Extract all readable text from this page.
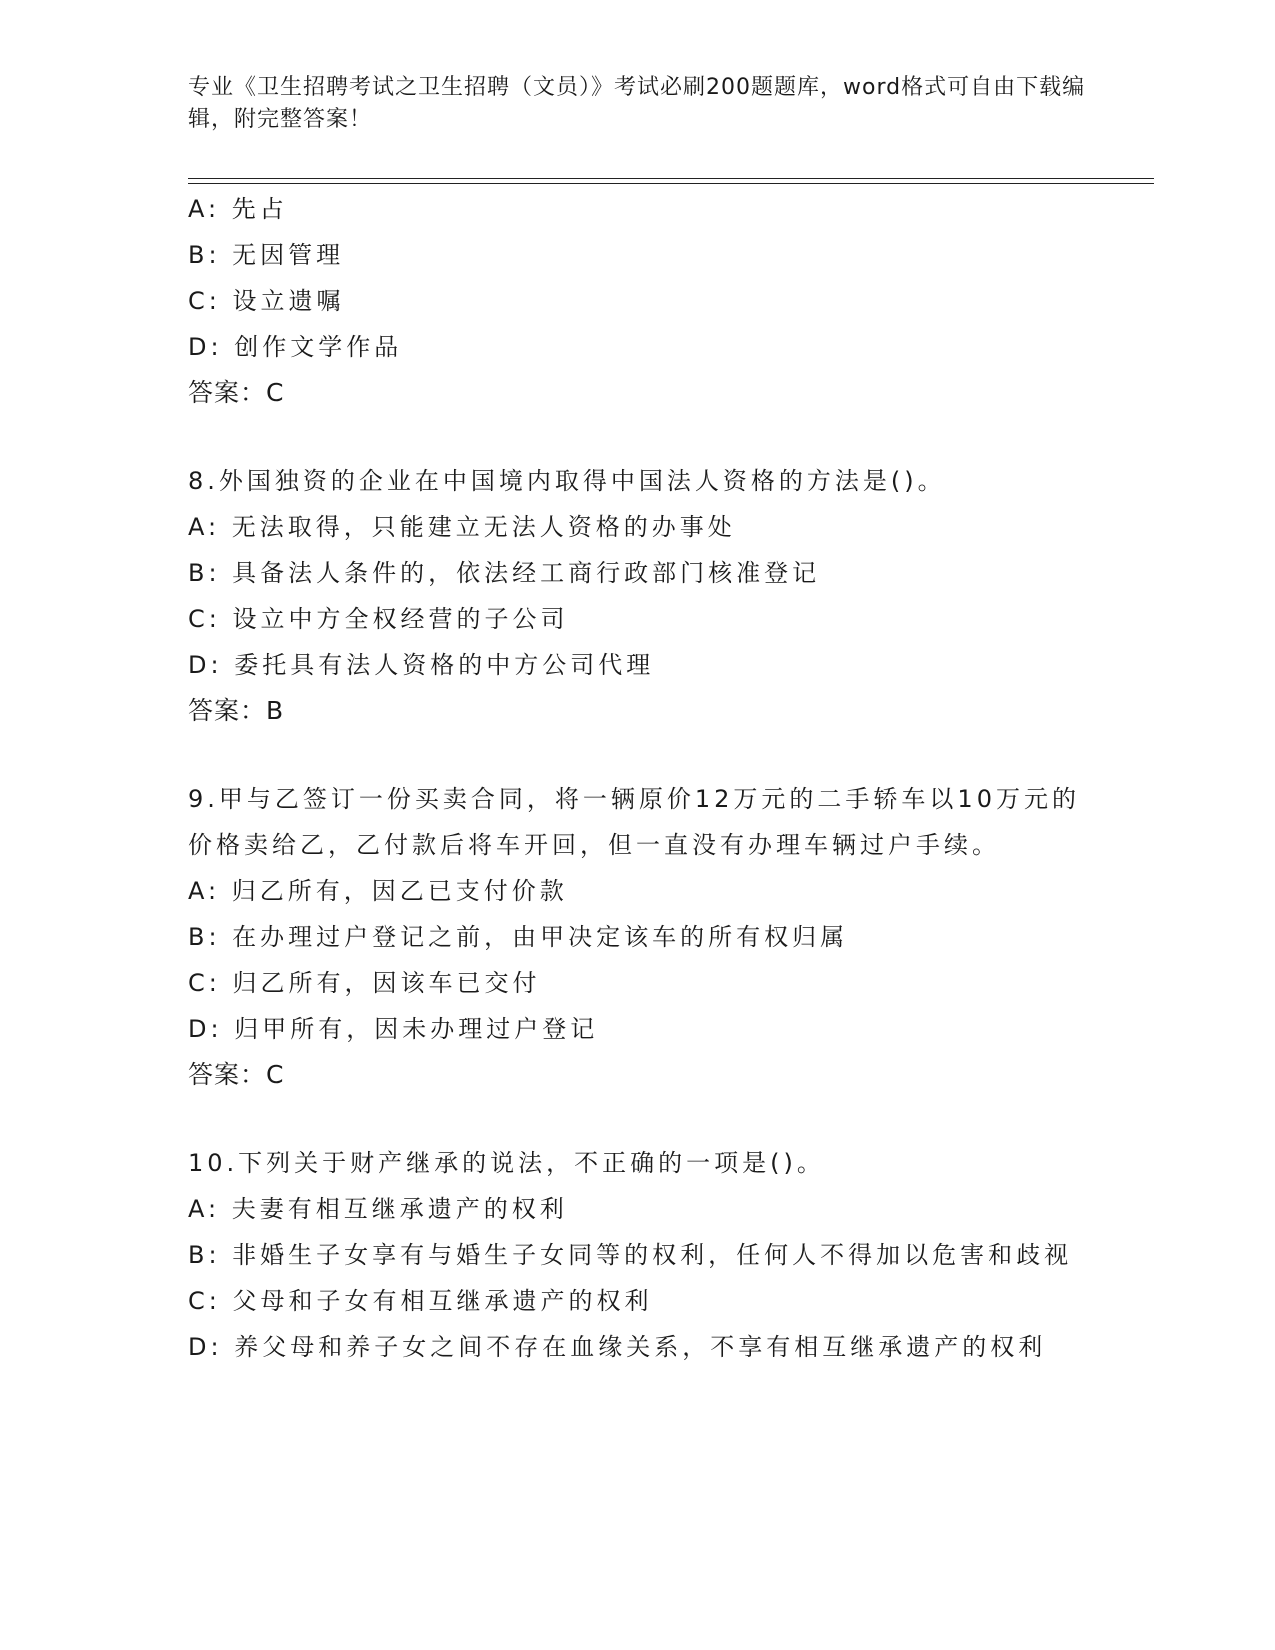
专业《卫生招聘考试之卫生招聘（文员）》考试必刷200题题库，word格式可自由下载编辑，附完整答案！
A: 先占
B: 无因管理
C: 设立遗嘱
D: 创作文学作品
答案：C
8.外国独资的企业在中国境内取得中国法人资格的方法是()。
A: 无法取得，只能建立无法人资格的办事处
B: 具备法人条件的，依法经工商行政部门核准登记
C: 设立中方全权经营的子公司
D: 委托具有法人资格的中方公司代理
答案：B
9.甲与乙签订一份买卖合同，将一辆原价12万元的二手轿车以10万元的价格卖给乙，乙付款后将车开回，但一直没有办理车辆过户手续。
A: 归乙所有，因乙已支付价款
B: 在办理过户登记之前，由甲决定该车的所有权归属
C: 归乙所有，因该车已交付
D: 归甲所有，因未办理过户登记
答案：C
10.下列关于财产继承的说法，不正确的一项是()。
A: 夫妻有相互继承遗产的权利
B: 非婚生子女享有与婚生子女同等的权利，任何人不得加以危害和歧视
C: 父母和子女有相互继承遗产的权利
D: 养父母和养子女之间不存在血缘关系，不享有相互继承遗产的权利
